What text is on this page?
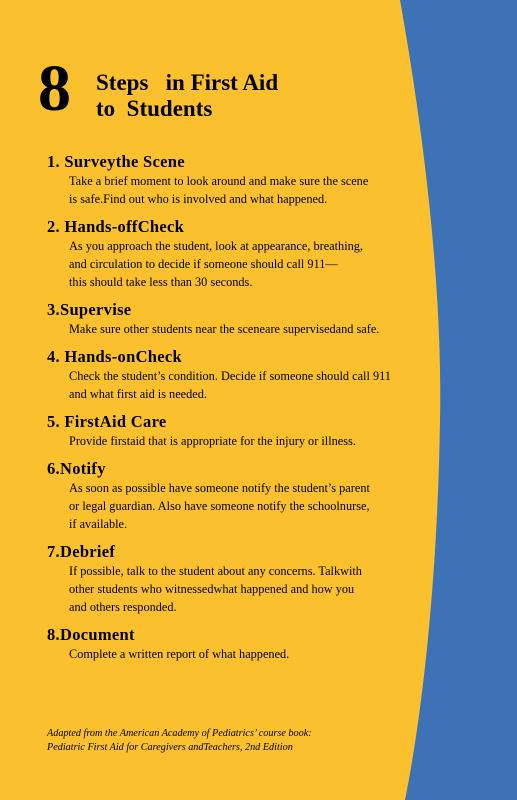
8 Steps   in First Aid
to  Students
1. Surveythe Scene
Take a brief moment to look around and make sure the scene
is safe.Find out who is involved and what happened.
2. Hands-offCheck
As you approach the student, look at appearance, breathing,
and circulation to decide if someone should call 911—
this should take less than 30 seconds.
3.Supervise
Make sure other students near the sceneare supervisedand safe.
4. Hands-onCheck
Check the student’s condition. Decide if someone should call 911
and what first aid is needed.
5. FirstAid Care
Provide firstaid that is appropriate for the injury or illness.
6.Notify
As soon as possible have someone notify the student’s parent
or legal guardian. Also have someone notify the schoolnurse,
if available.
7.Debrief
If possible, talk to the student about any concerns. Talkwith
other students who witnessedwhat happened and how you
and others responded.
8.Document
Complete a written report of what happened.
Adapted from the American Academy of Pediatrics’ course book:
Pediatric First Aid for Caregivers andTeachers, 2nd Edition
